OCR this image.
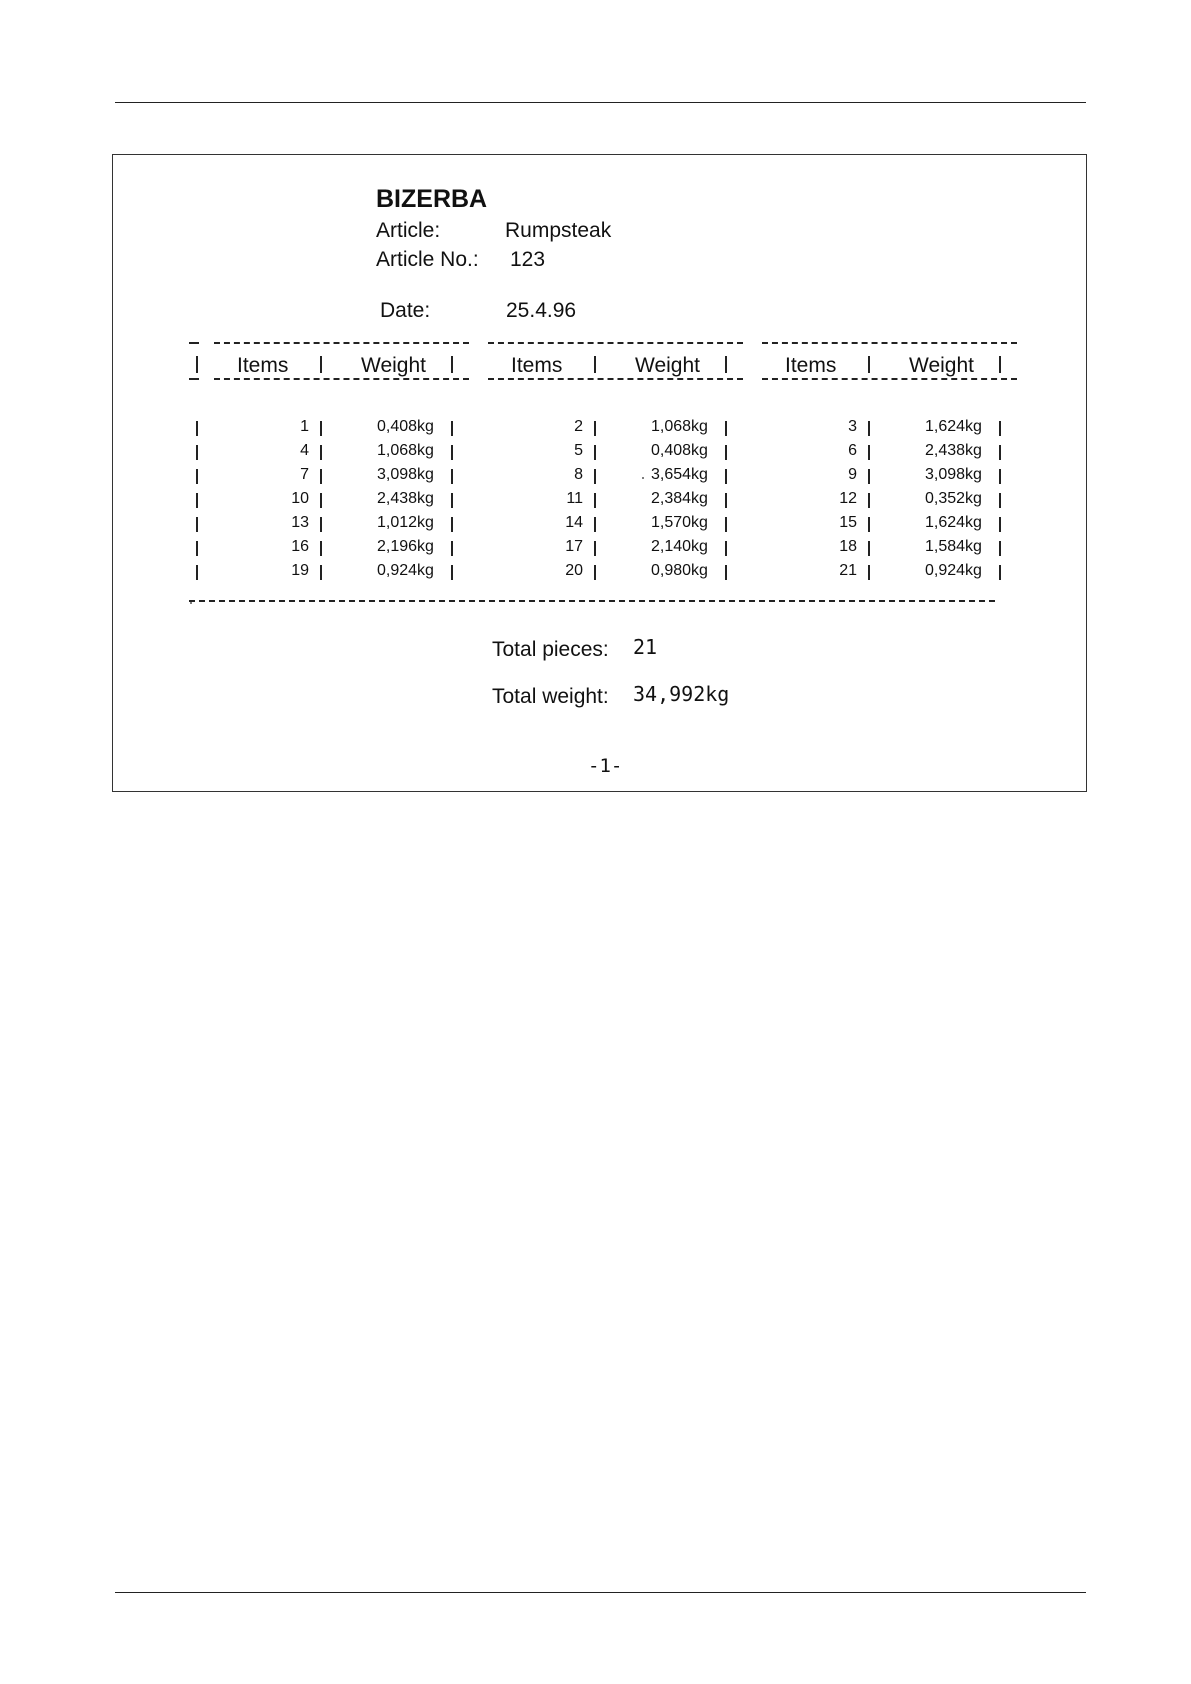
BIZERBA
Article:	Rumpsteak
Article No.: 123
Date:	25.4.96
Items	Weight	Items	Weight	Items	Weight
1	0,408kg	2	1,068kg	3	1,624kg
4	1,068kg	5	0,408kg	6	2,438kg
7	3,098kg	8	3,654kg	9	3,098kg
10	2,438kg	11	2,384kg	12	0,352kg
13	1,012kg	14	1,570kg	15	1,624kg
16	2,196kg	17	2,140kg	18	1,584kg
19	0,924kg	20	0,980kg	21	0,924kg
Total pieces: 21
Total weight: 34,992kg
-1-
